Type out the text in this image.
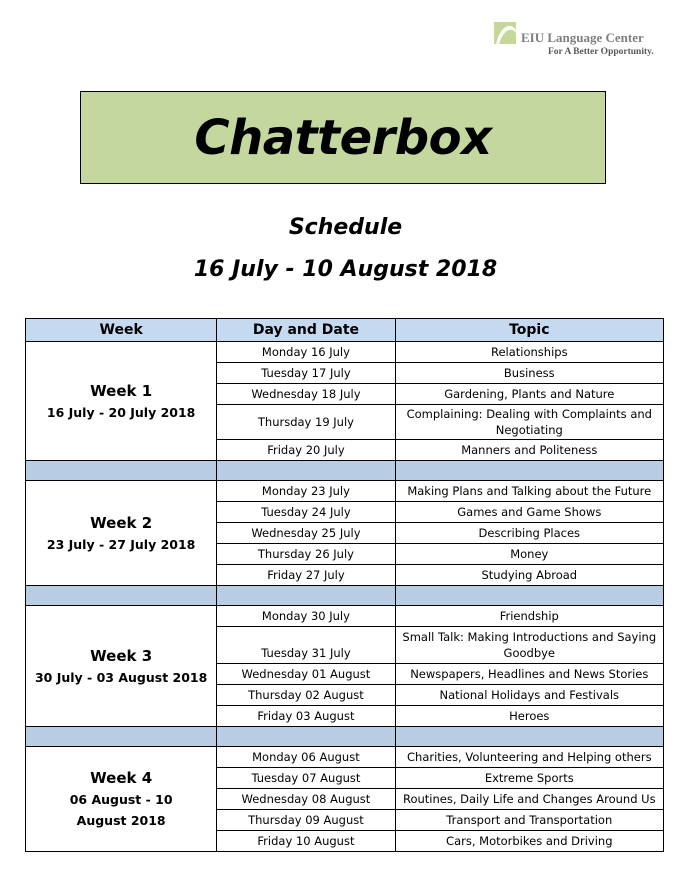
EIU Language Center
For A Better Opportunity.
Chatterbox
Schedule
16 July - 10 August 2018
Week	Day and Date	Topic

Week 1
16 July - 20 July 2018	Monday 16 July	Relationships
	Tuesday 17 July	Business
	Wednesday 18 July	Gardening, Plants and Nature
	Thursday 19 July	Complaining: Dealing with Complaints and Negotiating
	Friday 20 July	Manners and Politeness

Week 2
23 July - 27 July 2018	Monday 23 July	Making Plans and Talking about the Future
	Tuesday 24 July	Games and Game Shows
	Wednesday 25 July	Describing Places
	Thursday 26 July	Money
	Friday 27 July	Studying Abroad

Week 3
30 July - 03 August 2018	Monday 30 July	Friendship
	Tuesday 31 July	Small Talk: Making Introductions and Saying Goodbye
	Wednesday 01 August	Newspapers, Headlines and News Stories
	Thursday 02 August	National Holidays and Festivals
	Friday 03 August	Heroes

Week 4
06 August - 10 August 2018	Monday 06 August	Charities, Volunteering and Helping others
	Tuesday 07 August	Extreme Sports
	Wednesday 08 August	Routines, Daily Life and Changes Around Us
	Thursday 09 August	Transport and Transportation
	Friday 10 August	Cars, Motorbikes and Driving
